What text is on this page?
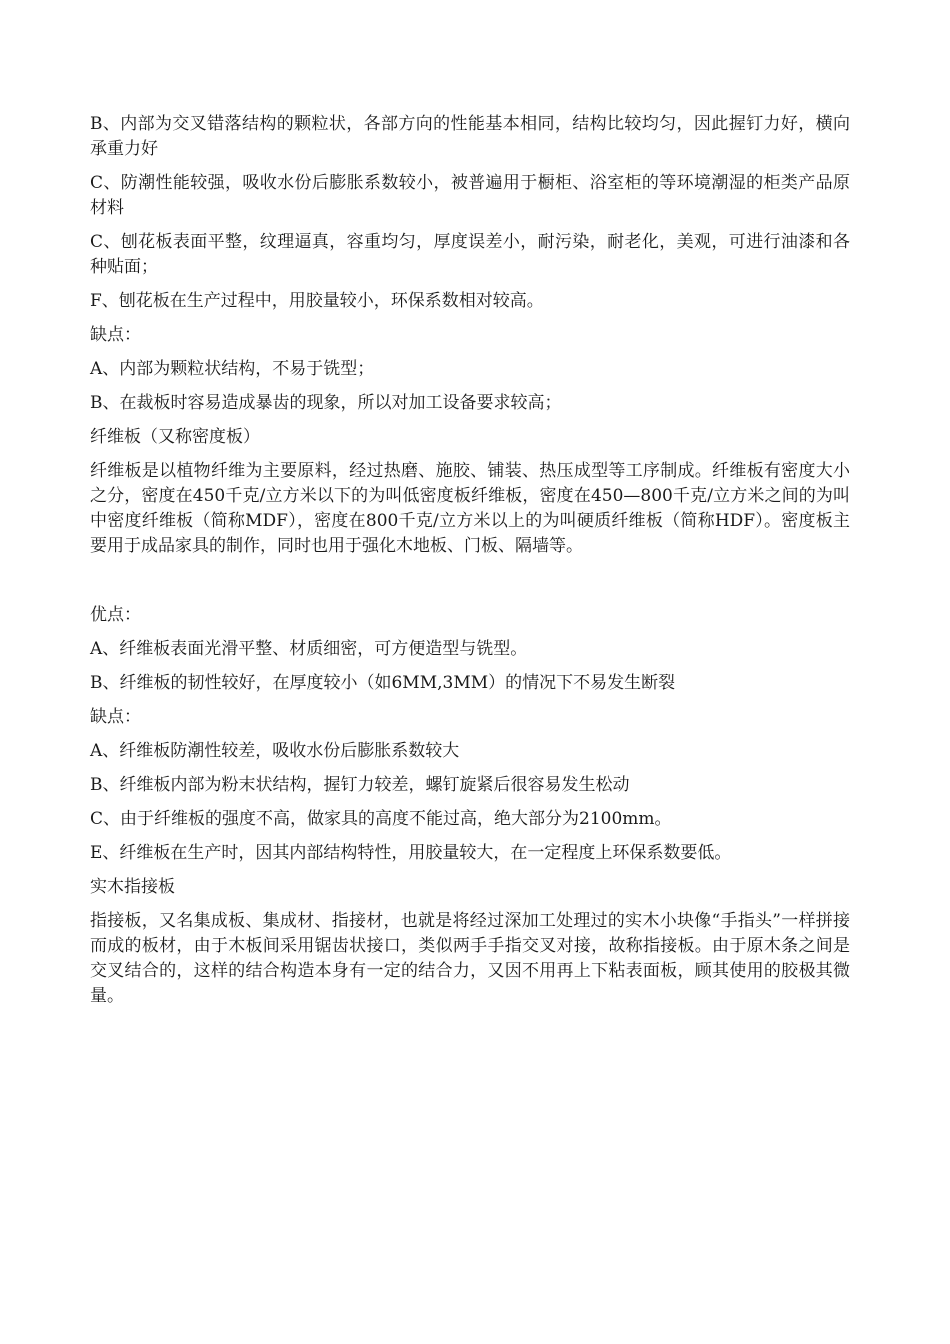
B、内部为交叉错落结构的颗粒状，各部方向的性能基本相同，结构比较均匀，因此握钉力好，横向承重力好

C、防潮性能较强，吸收水份后膨胀系数较小，被普遍用于橱柜、浴室柜的等环境潮湿的柜类产品原材料

C、刨花板表面平整，纹理逼真，容重均匀，厚度误差小，耐污染，耐老化，美观，可进行油漆和各种贴面；

F、刨花板在生产过程中，用胶量较小，环保系数相对较高。

缺点：

A、内部为颗粒状结构，不易于铣型；

B、在裁板时容易造成暴齿的现象，所以对加工设备要求较高；

纤维板（又称密度板）

纤维板是以植物纤维为主要原料，经过热磨、施胶、铺装、热压成型等工序制成。纤维板有密度大小之分，密度在450千克/立方米以下的为叫低密度板纤维板，密度在450—800千克/立方米之间的为叫中密度纤维板（简称MDF），密度在800千克/立方米以上的为叫硬质纤维板（简称HDF）。密度板主要用于成品家具的制作，同时也用于强化木地板、门板、隔墙等。

优点：

A、纤维板表面光滑平整、材质细密，可方便造型与铣型。

B、纤维板的韧性较好，在厚度较小（如6MM,3MM）的情况下不易发生断裂

缺点：

A、纤维板防潮性较差，吸收水份后膨胀系数较大

B、纤维板内部为粉末状结构，握钉力较差，螺钉旋紧后很容易发生松动

C、由于纤维板的强度不高，做家具的高度不能过高，绝大部分为2100mm。

E、纤维板在生产时，因其内部结构特性，用胶量较大，在一定程度上环保系数要低。

实木指接板

指接板，又名集成板、集成材、指接材，也就是将经过深加工处理过的实木小块像“手指头”一样拼接而成的板材，由于木板间采用锯齿状接口，类似两手手指交叉对接，故称指接板。由于原木条之间是交叉结合的，这样的结合构造本身有一定的结合力，又因不用再上下粘表面板，顾其使用的胶极其微量。
